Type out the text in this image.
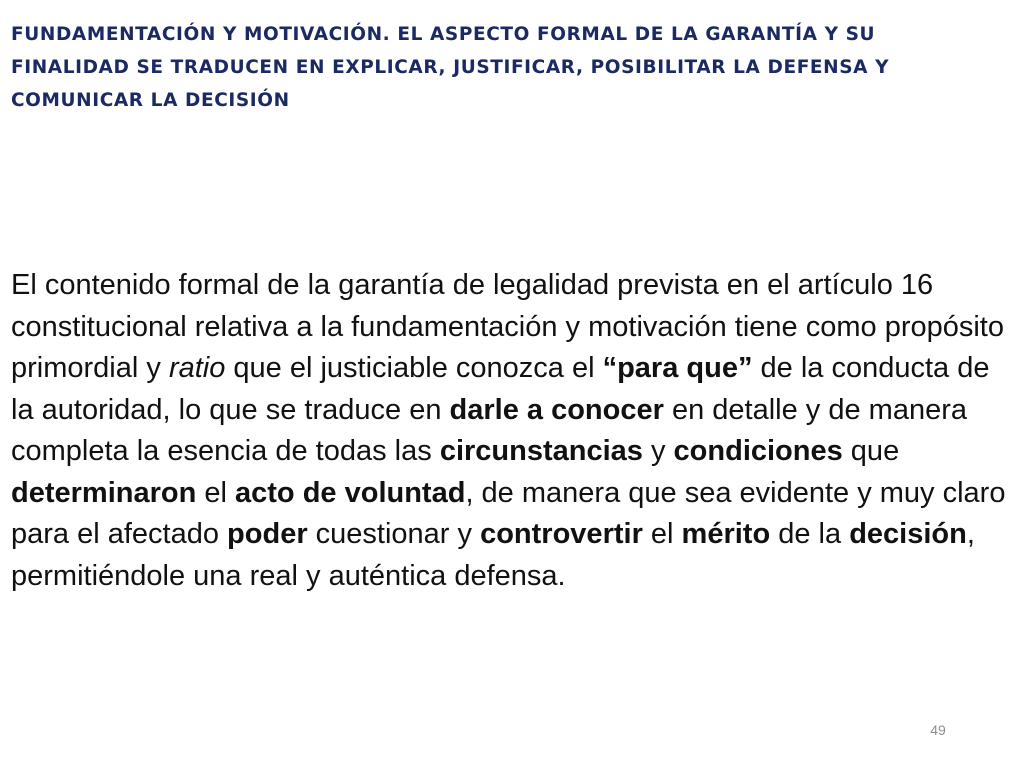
FUNDAMENTACIÓN Y MOTIVACIÓN. EL ASPECTO FORMAL DE LA GARANTÍA Y SU
FINALIDAD SE TRADUCEN EN EXPLICAR, JUSTIFICAR, POSIBILITAR LA DEFENSA Y
COMUNICAR LA DECISIÓN

El contenido formal de la garantía de legalidad prevista en el artículo 16 constitucional relativa a la fundamentación y motivación tiene como propósito primordial y ratio que el justiciable conozca el “para que” de la conducta de la autoridad, lo que se traduce en darle a conocer en detalle y de manera completa la esencia de todas las circunstancias y condiciones que determinaron el acto de voluntad, de manera que sea evidente y muy claro para el afectado poder cuestionar y controvertir el mérito de la decisión, permitiéndole una real y auténtica defensa.

49
